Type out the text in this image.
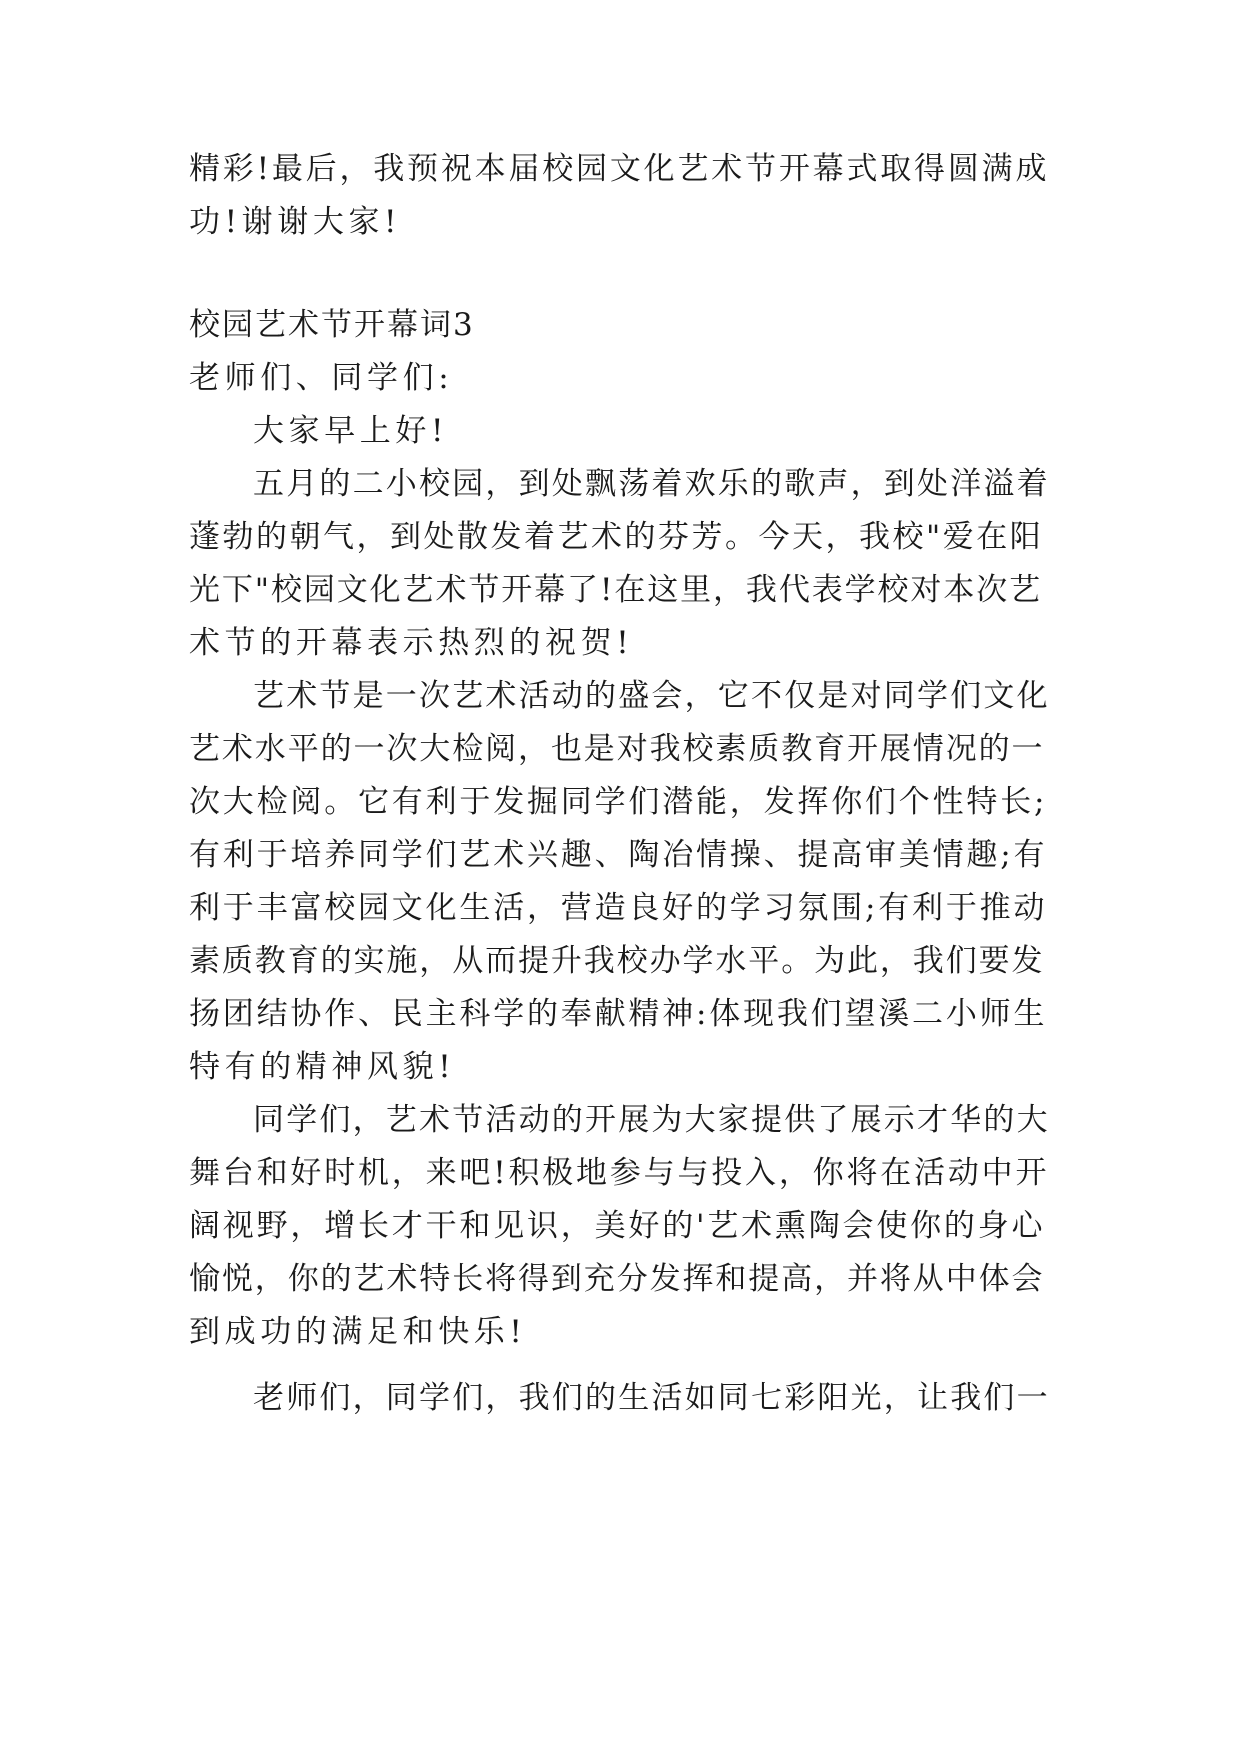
精彩!最后，我预祝本届校园文化艺术节开幕式取得圆满成
功!谢谢大家!
校园艺术节开幕词3
老师们、同学们:
大家早上好!
五月的二小校园，到处飘荡着欢乐的歌声，到处洋溢着
蓬勃的朝气，到处散发着艺术的芬芳。今天，我校"爱在阳
光下"校园文化艺术节开幕了!在这里，我代表学校对本次艺
术节的开幕表示热烈的祝贺!
艺术节是一次艺术活动的盛会，它不仅是对同学们文化
艺术水平的一次大检阅，也是对我校素质教育开展情况的一
次大检阅。它有利于发掘同学们潜能，发挥你们个性特长;
有利于培养同学们艺术兴趣、陶冶情操、提高审美情趣;有
利于丰富校园文化生活，营造良好的学习氛围;有利于推动
素质教育的实施，从而提升我校办学水平。为此，我们要发
扬团结协作、民主科学的奉献精神:体现我们望溪二小师生
特有的精神风貌!
同学们，艺术节活动的开展为大家提供了展示才华的大
舞台和好时机，来吧!积极地参与与投入，你将在活动中开
阔视野，增长才干和见识，美好的'艺术熏陶会使你的身心
愉悦，你的艺术特长将得到充分发挥和提高，并将从中体会
到成功的满足和快乐!
老师们，同学们，我们的生活如同七彩阳光，让我们一
